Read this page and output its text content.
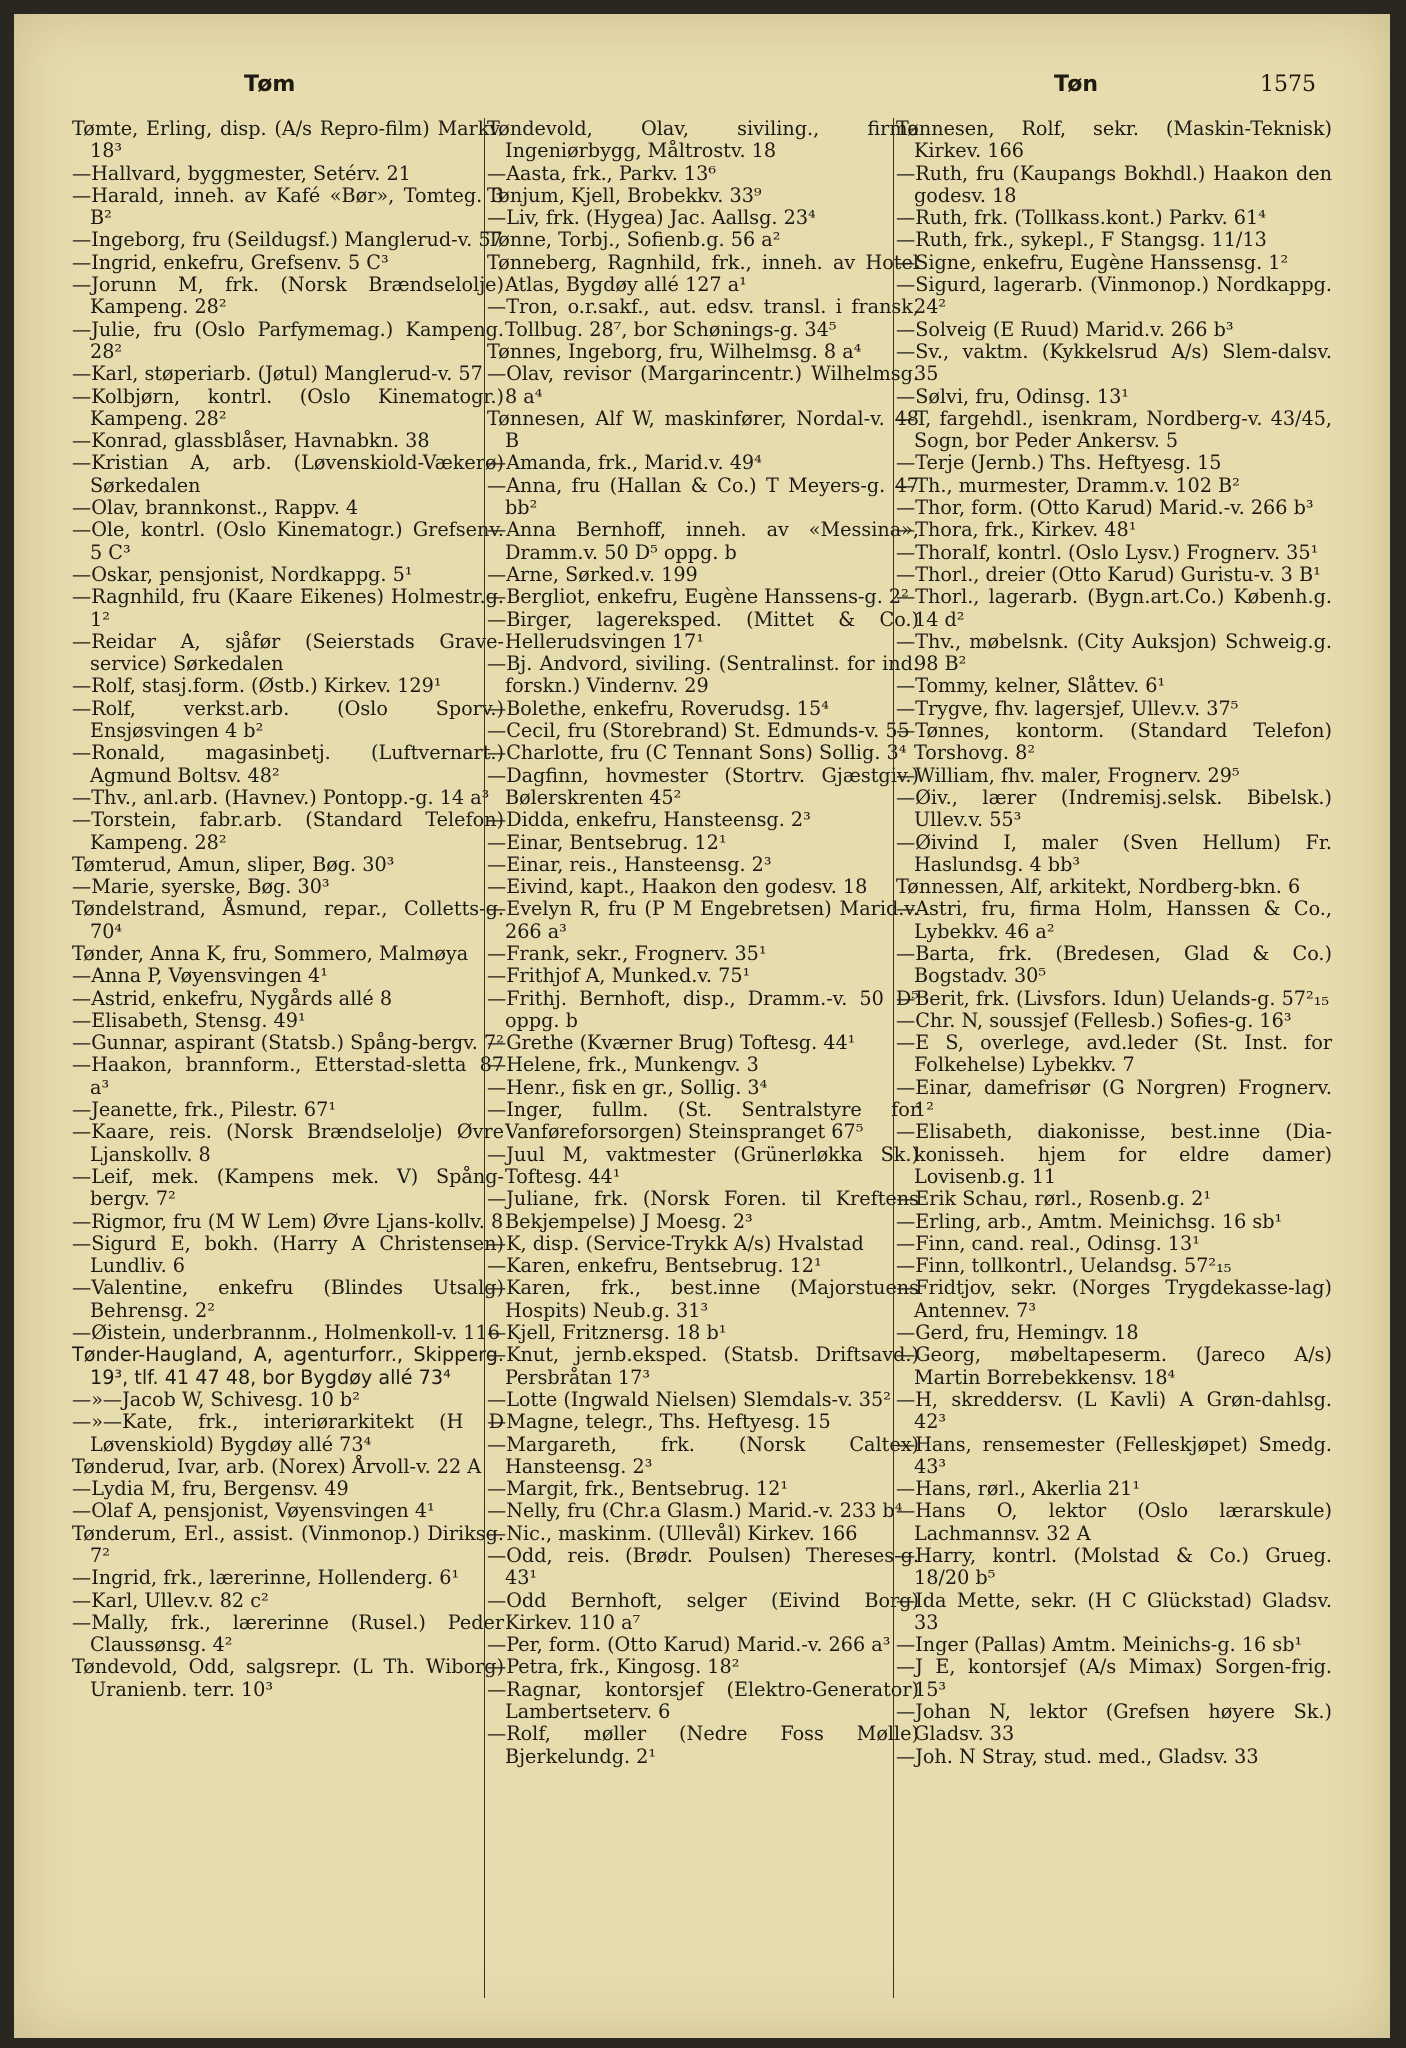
Tøm	Tøn	1575
Tømte, Erling, disp. (A/s Repro-film) Markv. 18³
—Hallvard, byggmester, Setérv. 21
—Harald, inneh. av Kafé «Bør», Tomteg. 3 B²
—Ingeborg, fru (Seildugsf.) Manglerud-v. 57
—Ingrid, enkefru, Grefsenv. 5 C³
—Jorunn M, frk. (Norsk Brændselolje) Kampeng. 28²
—Julie, fru (Oslo Parfymemag.) Kampeng. 28²
—Karl, støperiarb. (Jøtul) Manglerud-v. 57
—Kolbjørn, kontrl. (Oslo Kinematogr.) Kampeng. 28²
—Konrad, glassblåser, Havnabkn. 38
—Kristian A, arb. (Løvenskiold-Vækerø) Sørkedalen
—Olav, brannkonst., Rappv. 4
—Ole, kontrl. (Oslo Kinematogr.) Grefsenv. 5 C³
—Oskar, pensjonist, Nordkappg. 5¹
—Ragnhild, fru (Kaare Eikenes) Holmestr.g. 1²
—Reidar A, sjåfør (Seierstads Grave-service) Sørkedalen
—Rolf, stasj.form. (Østb.) Kirkev. 129¹
—Rolf, verkst.arb. (Oslo Sporv.) Ensjøsvingen 4 b²
—Ronald, magasinbetj. (Luftvernart.) Agmund Boltsv. 48²
—Thv., anl.arb. (Havnev.) Pontopp.-g. 14 a³
—Torstein, fabr.arb. (Standard Telefon) Kampeng. 28²
Tømterud, Amun, sliper, Bøg. 30³
—Marie, syerske, Bøg. 30³
Tøndelstrand, Åsmund, repar., Colletts-g. 70⁴
Tønder, Anna K, fru, Sommero, Malmøya
—Anna P, Vøyensvingen 4¹
—Astrid, enkefru, Nygårds allé 8
—Elisabeth, Stensg. 49¹
—Gunnar, aspirant (Statsb.) Spång-bergv. 7²
—Haakon, brannform., Etterstad-sletta 87 a³
—Jeanette, frk., Pilestr. 67¹
—Kaare, reis. (Norsk Brændselolje) Øvre Ljanskollv. 8
—Leif, mek. (Kampens mek. V) Spång-bergv. 7²
—Rigmor, fru (M W Lem) Øvre Ljans-kollv. 8
—Sigurd E, bokh. (Harry A Christensen) Lundliv. 6
—Valentine, enkefru (Blindes Utsalg) Behrensg. 2²
—Øistein, underbrannm., Holmenkoll-v. 116
Tønder-Haugland, A, agenturforr., Skipperg. 19³, tlf. 41 47 48, bor Bygdøy allé 73⁴
—»—Jacob W, Schivesg. 10 b²
—»—Kate, frk., interiørarkitekt (H D Løvenskiold) Bygdøy allé 73⁴
Tønderud, Ivar, arb. (Norex) Årvoll-v. 22 A
—Lydia M, fru, Bergensv. 49
—Olaf A, pensjonist, Vøyensvingen 4¹
Tønderum, Erl., assist. (Vinmonop.) Diriksg. 7²
—Ingrid, frk., lærerinne, Hollenderg. 6¹
—Karl, Ullev.v. 82 c²
—Mally, frk., lærerinne (Rusel.) Peder Claussønsg. 4²
Tøndevold, Odd, salgsrepr. (L Th. Wiborg) Uranienb. terr. 10³
Tøndevold, Olav, siviling., firma Ingeniørbygg, Måltrostv. 18
—Aasta, frk., Parkv. 13⁶
Tønjum, Kjell, Brobekkv. 33⁹
—Liv, frk. (Hygea) Jac. Aallsg. 23⁴
Tønne, Torbj., Sofienb.g. 56 a²
Tønneberg, Ragnhild, frk., inneh. av Hotel Atlas, Bygdøy allé 127 a¹
—Tron, o.r.sakf., aut. edsv. transl. i fransk, Tollbug. 28⁷, bor Schønings-g. 34⁵
Tønnes, Ingeborg, fru, Wilhelmsg. 8 a⁴
—Olav, revisor (Margarincentr.) Wilhelmsg. 8 a⁴
Tønnesen, Alf W, maskinfører, Nordal-v. 48 B
—Amanda, frk., Marid.v. 49⁴
—Anna, fru (Hallan & Co.) T Meyers-g. 47 bb²
—Anna Bernhoff, inneh. av «Messina», Dramm.v. 50 D⁵ oppg. b
—Arne, Sørked.v. 199
—Bergliot, enkefru, Eugène Hanssens-g. 2²
—Birger, lagereksped. (Mittet & Co.) Hellerudsvingen 17¹
—Bj. Andvord, siviling. (Sentralinst. for ind. forskn.) Vindernv. 29
—Bolethe, enkefru, Roverudsg. 15⁴
—Cecil, fru (Storebrand) St. Edmunds-v. 55
—Charlotte, fru (C Tennant Sons) Sollig. 3⁴
—Dagfinn, hovmester (Stortrv. Gjæstgiv.) Bølerskrenten 45²
—Didda, enkefru, Hansteensg. 2³
—Einar, Bentsebrug. 12¹
—Einar, reis., Hansteensg. 2³
—Eivind, kapt., Haakon den godesv. 18
—Evelyn R, fru (P M Engebretsen) Marid.v. 266 a³
—Frank, sekr., Frognerv. 35¹
—Frithjof A, Munked.v. 75¹
—Frithj. Bernhoft, disp., Dramm.-v. 50 D⁵ oppg. b
—Grethe (Kværner Brug) Toftesg. 44¹
—Helene, frk., Munkengv. 3
—Henr., fisk en gr., Sollig. 3⁴
—Inger, fullm. (St. Sentralstyre for Vanføreforsorgen) Steinspranget 67⁵
—Juul M, vaktmester (Grünerløkka Sk.) Toftesg. 44¹
—Juliane, frk. (Norsk Foren. til Kreftens Bekjempelse) J Moesg. 2³
—K, disp. (Service-Trykk A/s) Hvalstad
—Karen, enkefru, Bentsebrug. 12¹
—Karen, frk., best.inne (Majorstuens Hospits) Neub.g. 31³
—Kjell, Fritznersg. 18 b¹
—Knut, jernb.eksped. (Statsb. Driftsavd.) Persbråtan 17³
—Lotte (Ingwald Nielsen) Slemdals-v. 35²
—Magne, telegr., Ths. Heftyesg. 15
—Margareth, frk. (Norsk Caltex) Hansteensg. 2³
—Margit, frk., Bentsebrug. 12¹
—Nelly, fru (Chr.a Glasm.) Marid.-v. 233 b⁴
—Nic., maskinm. (Ullevål) Kirkev. 166
—Odd, reis. (Brødr. Poulsen) Thereses-g. 43¹
—Odd Bernhoft, selger (Eivind Borg) Kirkev. 110 a⁷
—Per, form. (Otto Karud) Marid.-v. 266 a³
—Petra, frk., Kingosg. 18²
—Ragnar, kontorsjef (Elektro-Generator) Lambertseterv. 6
—Rolf, møller (Nedre Foss Mølle) Bjerkelundg. 2¹
Tønnesen, Rolf, sekr. (Maskin-Teknisk) Kirkev. 166
—Ruth, fru (Kaupangs Bokhdl.) Haakon den godesv. 18
—Ruth, frk. (Tollkass.kont.) Parkv. 61⁴
—Ruth, frk., sykepl., F Stangsg. 11/13
—Signe, enkefru, Eugène Hanssensg. 1²
—Sigurd, lagerarb. (Vinmonop.) Nordkappg. 24²
—Solveig (E Ruud) Marid.v. 266 b³
—Sv., vaktm. (Kykkelsrud A/s) Slem-dalsv. 35
—Sølvi, fru, Odinsg. 13¹
—T, fargehdl., isenkram, Nordberg-v. 43/45, Sogn, bor Peder Ankersv. 5
—Terje (Jernb.) Ths. Heftyesg. 15
—Th., murmester, Dramm.v. 102 B²
—Thor, form. (Otto Karud) Marid.-v. 266 b³
—Thora, frk., Kirkev. 48¹
—Thoralf, kontrl. (Oslo Lysv.) Frognerv. 35¹
—Thorl., dreier (Otto Karud) Guristu-v. 3 B¹
—Thorl., lagerarb. (Bygn.art.Co.) Københ.g. 14 d²
—Thv., møbelsnk. (City Auksjon) Schweig.g. 98 B²
—Tommy, kelner, Slåttev. 6¹
—Trygve, fhv. lagersjef, Ullev.v. 37⁵
—Tønnes, kontorm. (Standard Telefon) Torshovg. 8²
—William, fhv. maler, Frognerv. 29⁵
—Øiv., lærer (Indremisj.selsk. Bibelsk.) Ullev.v. 55³
—Øivind I, maler (Sven Hellum) Fr. Haslundsg. 4 bb³
Tønnessen, Alf, arkitekt, Nordberg-bkn. 6
—Astri, fru, firma Holm, Hanssen & Co., Lybekkv. 46 a²
—Barta, frk. (Bredesen, Glad & Co.) Bogstadv. 30⁵
—Berit, frk. (Livsfors. Idun) Uelands-g. 57²₁₅
—Chr. N, soussjef (Fellesb.) Sofies-g. 16³
—E S, overlege, avd.leder (St. Inst. for Folkehelse) Lybekkv. 7
—Einar, damefrisør (G Norgren) Frognerv. 1²
—Elisabeth, diakonisse, best.inne (Dia-konisseh. hjem for eldre damer) Lovisenb.g. 11
—Erik Schau, rørl., Rosenb.g. 2¹
—Erling, arb., Amtm. Meinichsg. 16 sb¹
—Finn, cand. real., Odinsg. 13¹
—Finn, tollkontrl., Uelandsg. 57²₁₅
—Fridtjov, sekr. (Norges Trygdekasse-lag) Antennev. 7³
—Gerd, fru, Hemingv. 18
—Georg, møbeltapeserm. (Jareco A/s) Martin Borrebekkensv. 18⁴
—H, skreddersv. (L Kavli) A Grøn-dahlsg. 42³
—Hans, rensemester (Felleskjøpet) Smedg. 43³
—Hans, rørl., Akerlia 21¹
—Hans O, lektor (Oslo lærarskule) Lachmannsv. 32 A
—Harry, kontrl. (Molstad & Co.) Grueg. 18/20 b⁵
—Ida Mette, sekr. (H C Glückstad) Gladsv. 33
—Inger (Pallas) Amtm. Meinichs-g. 16 sb¹
—J E, kontorsjef (A/s Mimax) Sorgen-frig. 15³
—Johan N, lektor (Grefsen høyere Sk.) Gladsv. 33
—Joh. N Stray, stud. med., Gladsv. 33
